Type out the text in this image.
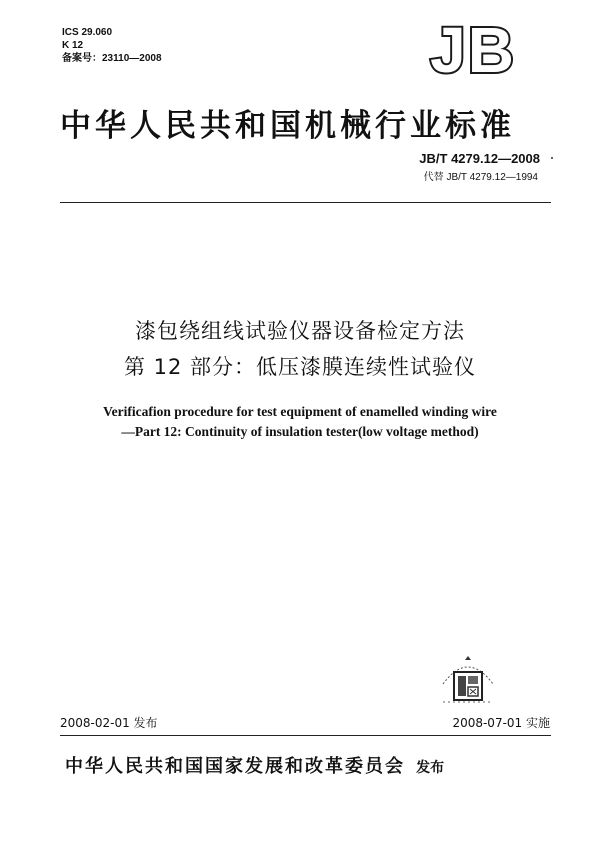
ICS 29.060
K 12
备案号：23110—2008	JB
中华人民共和国机械行业标准
JB/T 4279.12—2008
代替 JB/T 4279.12—1994
漆包绕组线试验仪器设备检定方法
第 12 部分：低压漆膜连续性试验仪
Verificafion procedure for test equipment of enamelled winding wire
—Part 12: Continuity of insulation tester(low voltage method)
2008-02-01 发布	2008-07-01 实施
中华人民共和国国家发展和改革委员会 发布
